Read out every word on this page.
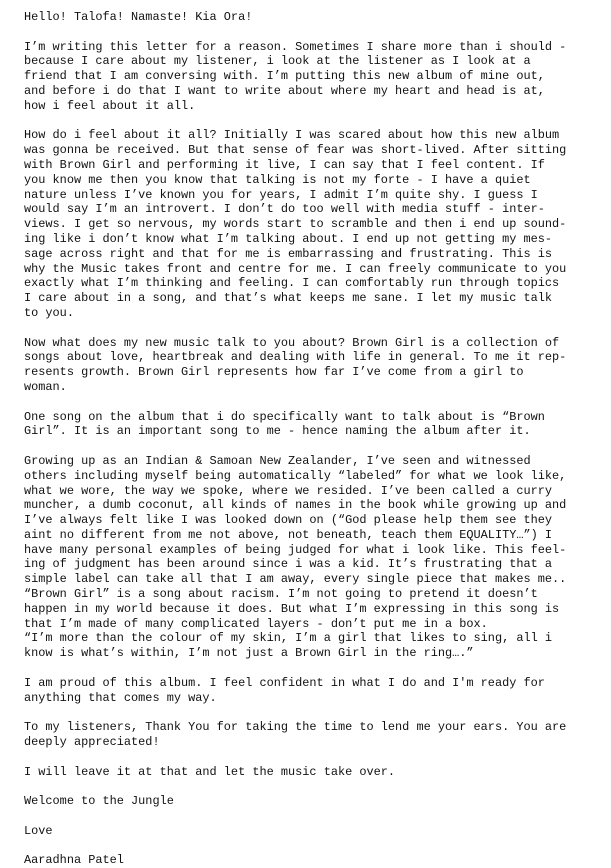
Hello! Talofa! Namaste! Kia Ora!

I’m writing this letter for a reason. Sometimes I share more than i should -
because I care about my listener, i look at the listener as I look at a
friend that I am conversing with. I’m putting this new album of mine out,
and before i do that I want to write about where my heart and head is at,
how i feel about it all.

How do i feel about it all? Initially I was scared about how this new album
was gonna be received. But that sense of fear was short-lived. After sitting
with Brown Girl and performing it live, I can say that I feel content. If
you know me then you know that talking is not my forte - I have a quiet
nature unless I’ve known you for years, I admit I’m quite shy. I guess I
would say I’m an introvert. I don’t do too well with media stuff - inter-
views. I get so nervous, my words start to scramble and then i end up sound-
ing like i don’t know what I’m talking about. I end up not getting my mes-
sage across right and that for me is embarrassing and frustrating. This is
why the Music takes front and centre for me. I can freely communicate to you
exactly what I’m thinking and feeling. I can comfortably run through topics
I care about in a song, and that’s what keeps me sane. I let my music talk
to you.

Now what does my new music talk to you about? Brown Girl is a collection of
songs about love, heartbreak and dealing with life in general. To me it rep-
resents growth. Brown Girl represents how far I’ve come from a girl to
woman.

One song on the album that i do specifically want to talk about is “Brown
Girl”. It is an important song to me - hence naming the album after it.

Growing up as an Indian & Samoan New Zealander, I’ve seen and witnessed
others including myself being automatically “labeled” for what we look like,
what we wore, the way we spoke, where we resided. I’ve been called a curry
muncher, a dumb coconut, all kinds of names in the book while growing up and
I’ve always felt like I was looked down on (“God please help them see they
aint no different from me not above, not beneath, teach them EQUALITY…”) I
have many personal examples of being judged for what i look like. This feel-
ing of judgment has been around since i was a kid. It’s frustrating that a
simple label can take all that I am away, every single piece that makes me..
“Brown Girl” is a song about racism. I’m not going to pretend it doesn’t
happen in my world because it does. But what I’m expressing in this song is
that I’m made of many complicated layers - don’t put me in a box.
“I’m more than the colour of my skin, I’m a girl that likes to sing, all i
know is what’s within, I’m not just a Brown Girl in the ring….”

I am proud of this album. I feel confident in what I do and I'm ready for
anything that comes my way.

To my listeners, Thank You for taking the time to lend me your ears. You are
deeply appreciated!

I will leave it at that and let the music take over.

Welcome to the Jungle

Love

Aaradhna Patel
